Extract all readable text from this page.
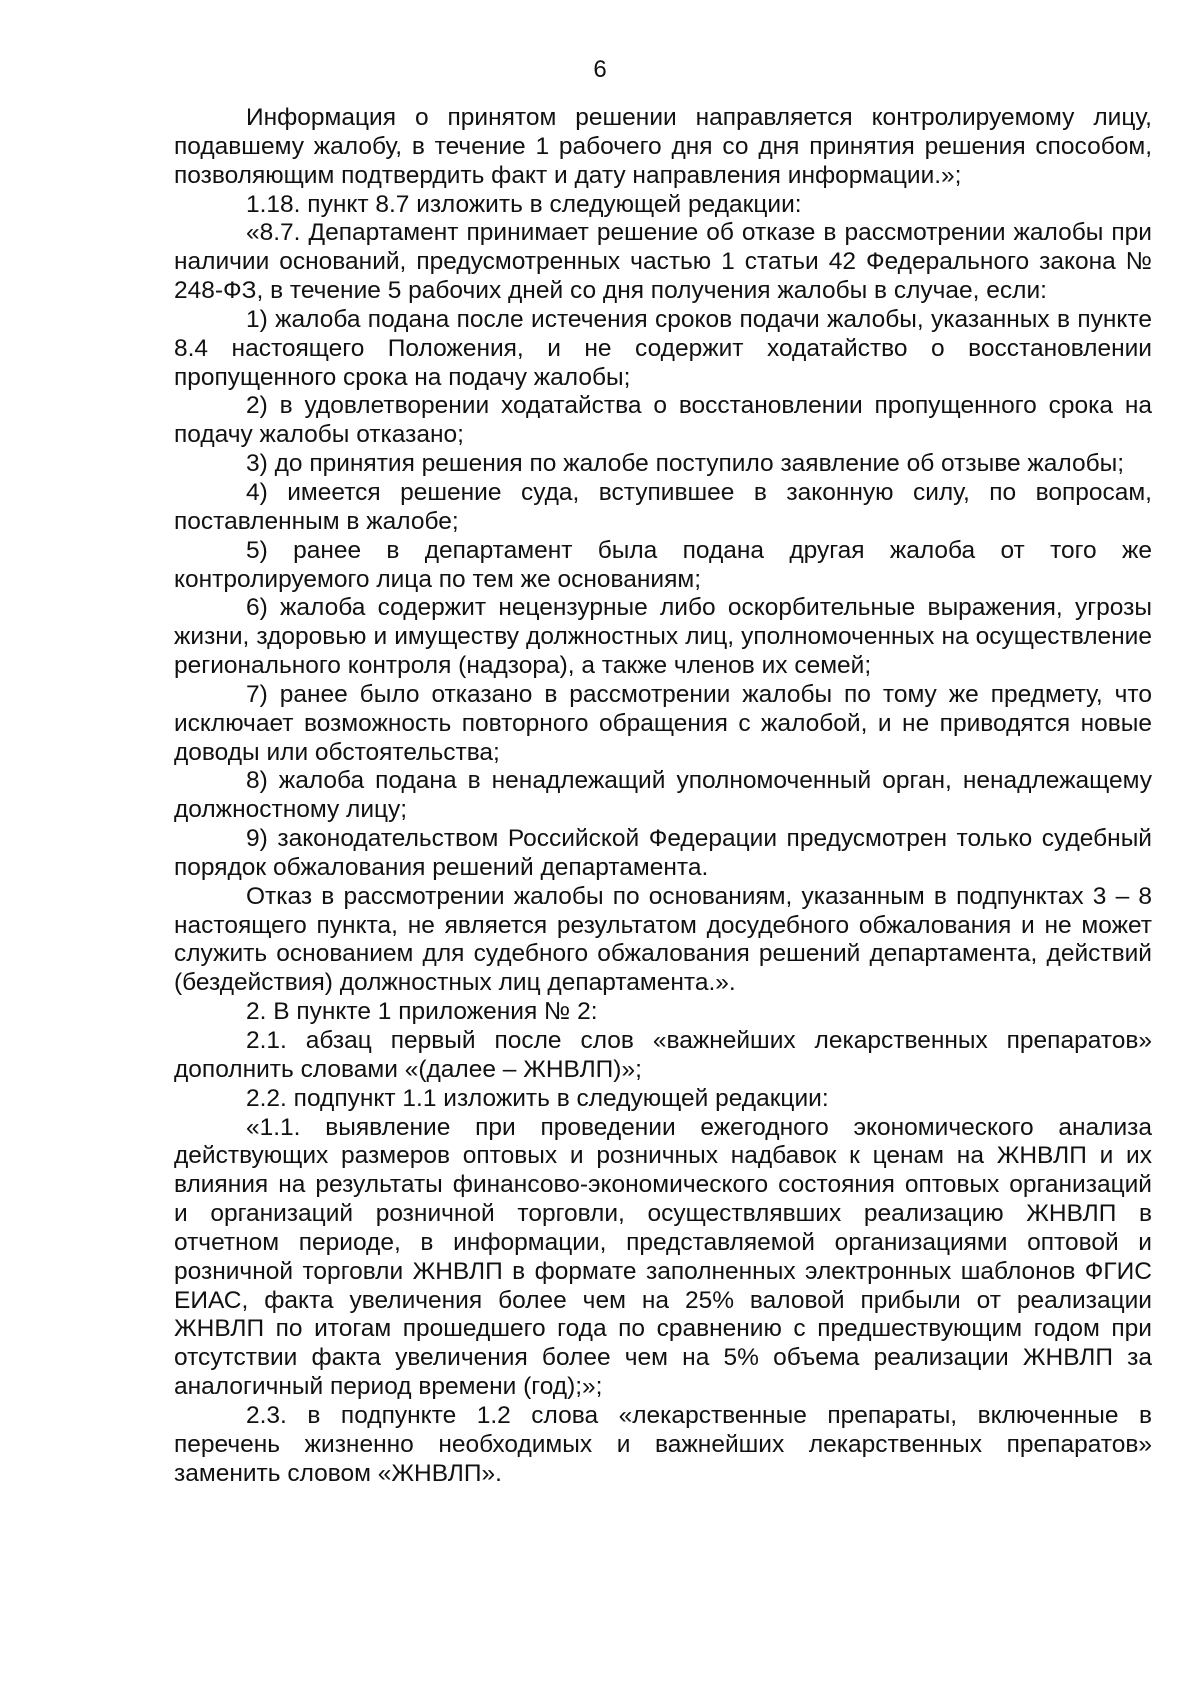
6

Информация о принятом решении направляется контролируемому лицу, подавшему жалобу, в течение 1 рабочего дня со дня принятия решения способом, позволяющим подтвердить факт и дату направления информации.»;

1.18. пункт 8.7 изложить в следующей редакции:

«8.7. Департамент принимает решение об отказе в рассмотрении жалобы при наличии оснований, предусмотренных частью 1 статьи 42 Федерального закона № 248-ФЗ, в течение 5 рабочих дней со дня получения жалобы в случае, если:

1) жалоба подана после истечения сроков подачи жалобы, указанных в пункте 8.4 настоящего Положения, и не содержит ходатайство о восстановлении пропущенного срока на подачу жалобы;

2) в удовлетворении ходатайства о восстановлении пропущенного срока на подачу жалобы отказано;

3) до принятия решения по жалобе поступило заявление об отзыве жалобы;

4) имеется решение суда, вступившее в законную силу, по вопросам, поставленным в жалобе;

5) ранее в департамент была подана другая жалоба от того же контролируемого лица по тем же основаниям;

6) жалоба содержит нецензурные либо оскорбительные выражения, угрозы жизни, здоровью и имуществу должностных лиц, уполномоченных на осуществление регионального контроля (надзора), а также членов их семей;

7) ранее было отказано в рассмотрении жалобы по тому же предмету, что исключает возможность повторного обращения с жалобой, и не приводятся новые доводы или обстоятельства;

8) жалоба подана в ненадлежащий уполномоченный орган, ненадлежащему должностному лицу;

9) законодательством Российской Федерации предусмотрен только судебный порядок обжалования решений департамента.

Отказ в рассмотрении жалобы по основаниям, указанным в подпунктах 3 – 8 настоящего пункта, не является результатом досудебного обжалования и не может служить основанием для судебного обжалования решений департамента, действий (бездействия) должностных лиц департамента.».

2. В пункте 1 приложения № 2:

2.1. абзац первый после слов «важнейших лекарственных препаратов» дополнить словами «(далее – ЖНВЛП)»;

2.2. подпункт 1.1 изложить в следующей редакции:

«1.1. выявление при проведении ежегодного экономического анализа действующих размеров оптовых и розничных надбавок к ценам на ЖНВЛП и их влияния на результаты финансово-экономического состояния оптовых организаций и организаций розничной торговли, осуществлявших реализацию ЖНВЛП в отчетном периоде, в информации, представляемой организациями оптовой и розничной торговли ЖНВЛП в формате заполненных электронных шаблонов ФГИС ЕИАС, факта увеличения более чем на 25% валовой прибыли от реализации ЖНВЛП по итогам прошедшего года по сравнению с предшествующим годом при отсутствии факта увеличения более чем на 5% объема реализации ЖНВЛП за аналогичный период времени (год);»;

2.3. в подпункте 1.2 слова «лекарственные препараты, включенные в перечень жизненно необходимых и важнейших лекарственных препаратов» заменить словом «ЖНВЛП».
